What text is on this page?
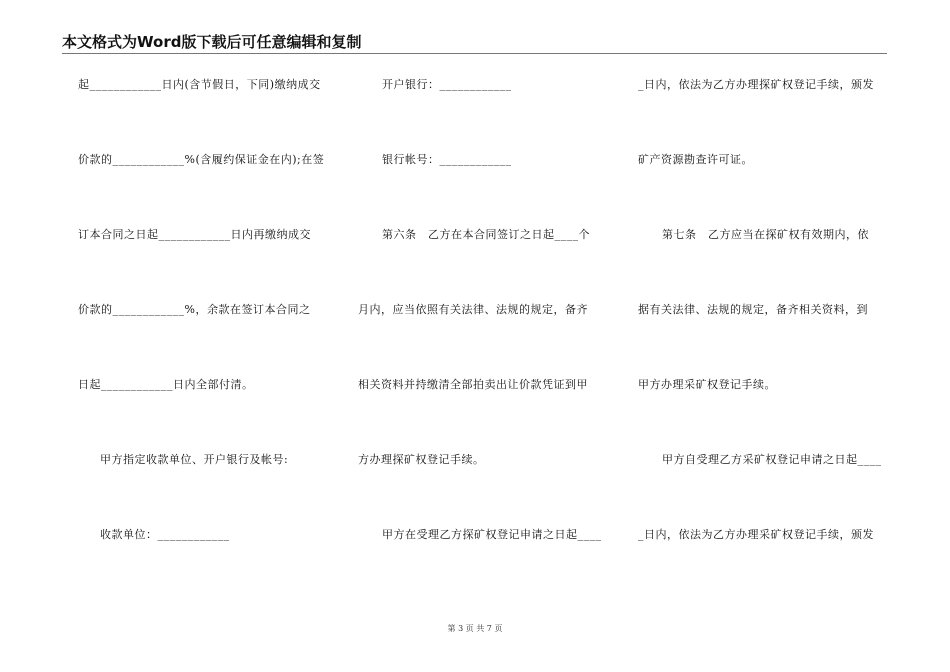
本文格式为Word版下载后可任意编辑和复制
起____________日内(含节假日，下同)缴纳成交
价款的____________%(含履约保证金在内);在签
订本合同之日起____________日内再缴纳成交
价款的____________%，余款在签订本合同之
日起____________日内全部付清。
甲方指定收款单位、开户银行及帐号:
收款单位：____________
开户银行：____________
银行帐号：____________
第六条　乙方在本合同签订之日起____个
月内，应当依照有关法律、法规的规定，备齐
相关资料并持缴清全部拍卖出让价款凭证到甲
方办理探矿权登记手续。
甲方在受理乙方探矿权登记申请之日起____
_日内，依法为乙方办理探矿权登记手续，颁发
矿产资源勘查许可证。
第七条　乙方应当在探矿权有效期内，依
据有关法律、法规的规定，备齐相关资料，到
甲方办理采矿权登记手续。
甲方自受理乙方采矿权登记申请之日起____
_日内，依法为乙方办理采矿权登记手续，颁发
第 3 页 共 7 页
